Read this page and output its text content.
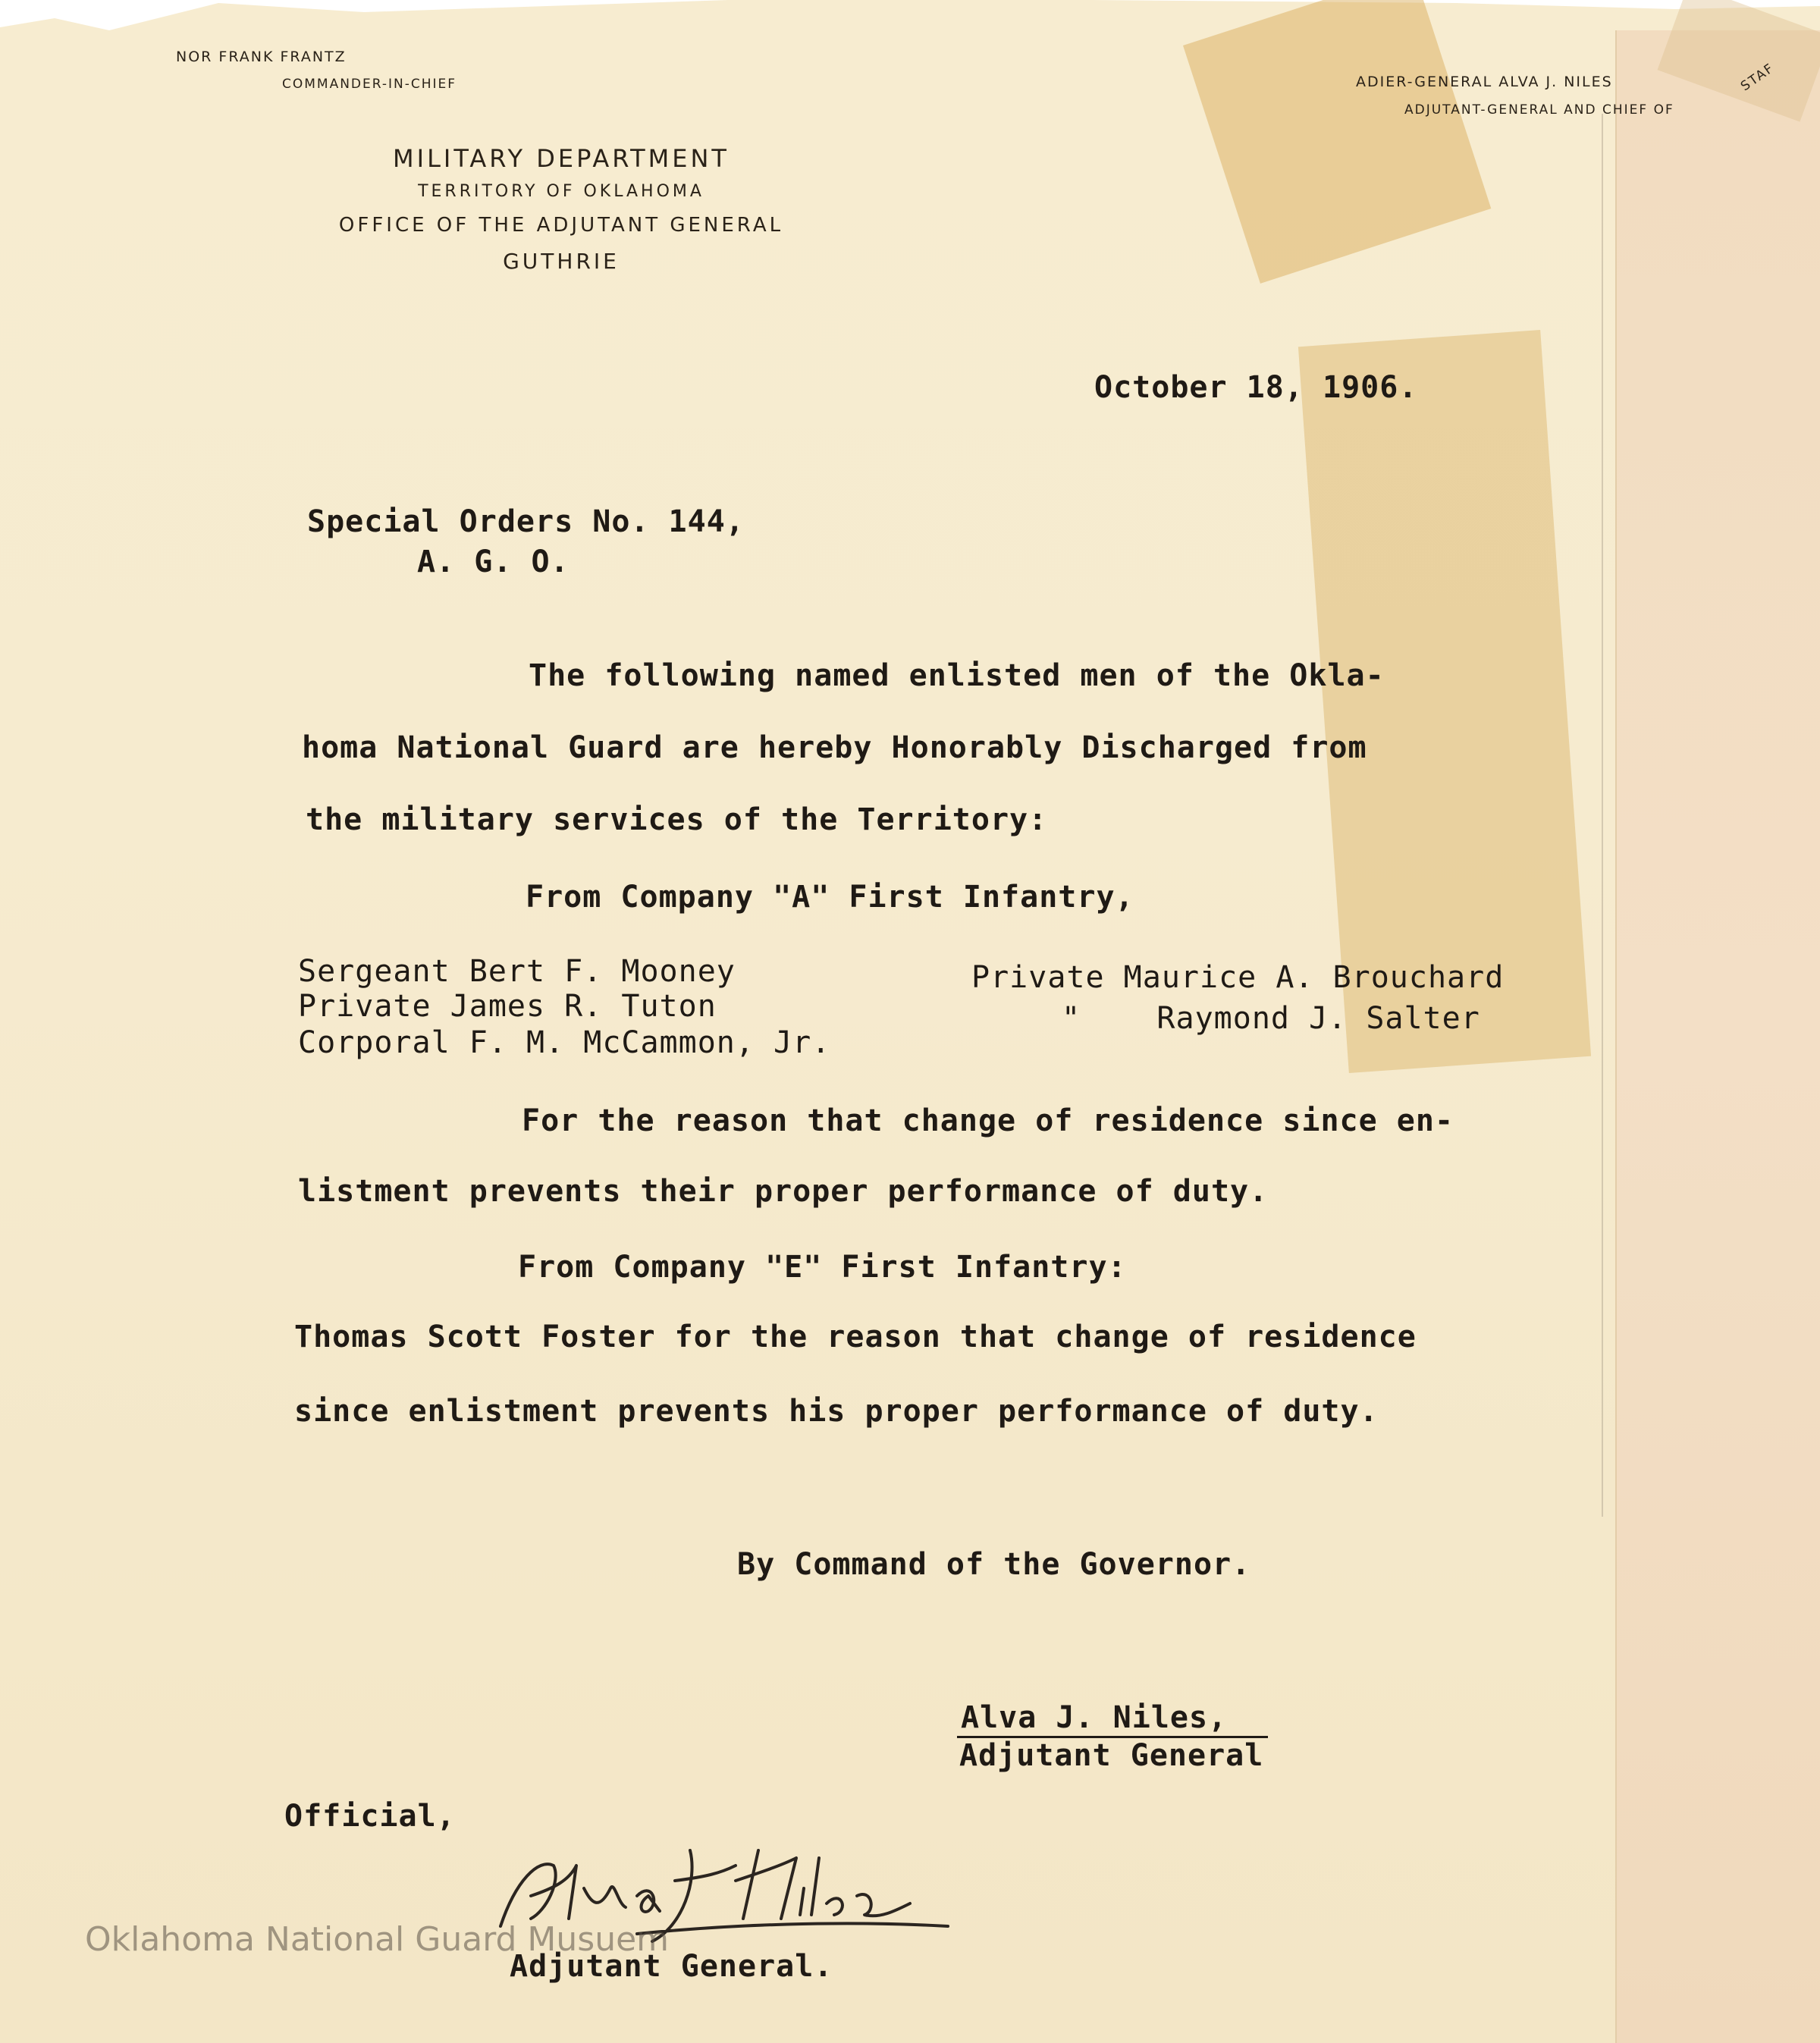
NOR FRANK FRANTZ
COMMANDER-IN-CHIEF	ADIER-GENERAL ALVA J. NILES
ADJUTANT-GENERAL AND CHIEF OF
STAF
MILITARY DEPARTMENT
TERRITORY OF OKLAHOMA
OFFICE OF THE ADJUTANT GENERAL
GUTHRIE
October 18, 1906.
Special Orders No. 144,
A. G. O.
The following named enlisted men of the Okla-
homa National Guard are hereby Honorably Discharged from
the military services of the Territory:
From Company "A" First Infantry,
Sergeant Bert F. Mooney
Private James R. Tuton
Corporal F. M. McCammon, Jr.
Private Maurice A. Brouchard
"    Raymond J. Salter
For the reason that change of residence since en-
listment prevents their proper performance of duty.
From Company "E" First Infantry:
Thomas Scott Foster for the reason that change of residence
since enlistment prevents his proper performance of duty.
By Command of the Governor.
Alva J. Niles,
Adjutant General
Official,
Oklahoma National Guard Musuem
Adjutant General.
